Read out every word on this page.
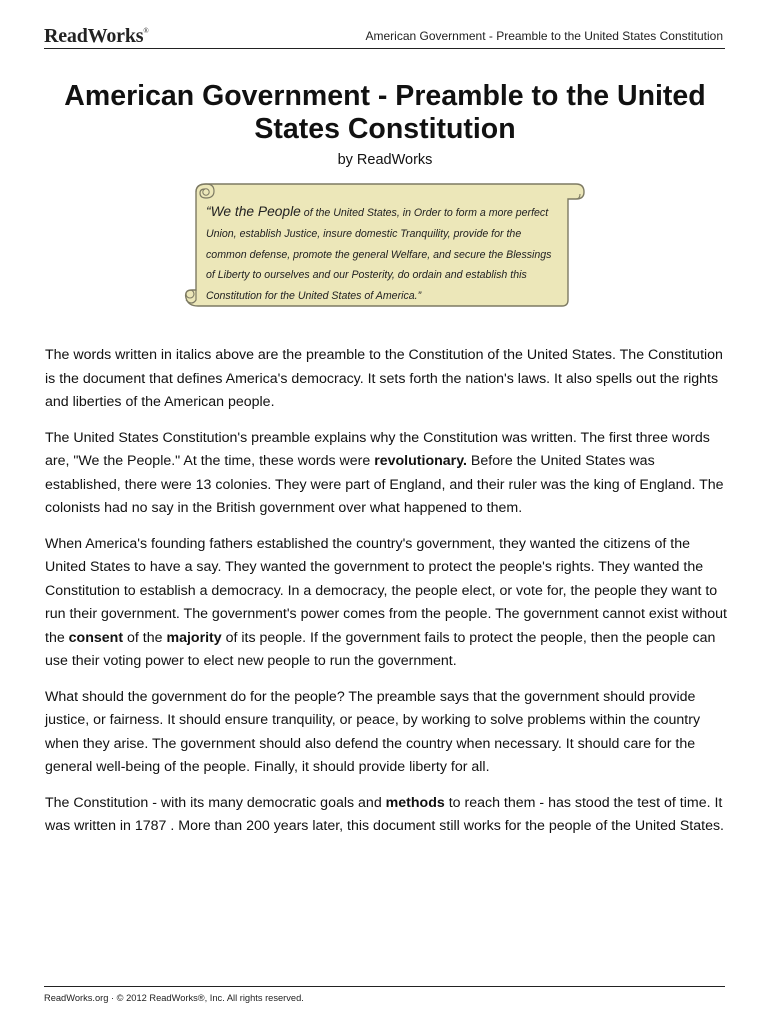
ReadWorks®	American Government - Preamble to the United States Constitution
American Government - Preamble to the United
States Constitution
by ReadWorks
“We the People of the United States, in Order to form a more perfect Union, establish Justice, insure domestic Tranquility, provide for the common defense, promote the general Welfare, and secure the Blessings of Liberty to ourselves and our Posterity, do ordain and establish this Constitution for the United States of America.”

The words written in italics above are the preamble to the Constitution of the United States. The Constitution is the document that defines America's democracy. It sets forth the nation's laws. It also spells out the rights and liberties of the American people.

The United States Constitution's preamble explains why the Constitution was written. The first three words are, "We the People." At the time, these words were revolutionary. Before the United States was established, there were 13 colonies. They were part of England, and their ruler was the king of England. The colonists had no say in the British government over what happened to them.

When America's founding fathers established the country's government, they wanted the citizens of the United States to have a say. They wanted the government to protect the people's rights. They wanted the Constitution to establish a democracy. In a democracy, the people elect, or vote for, the people they want to run their government. The government's power comes from the people. The government cannot exist without the consent of the majority of its people. If the government fails to protect the people, then the people can use their voting power to elect new people to run the government.

What should the government do for the people? The preamble says that the government should provide justice, or fairness. It should ensure tranquility, or peace, by working to solve problems within the country when they arise. The government should also defend the country when necessary. It should care for the general well-being of the people. Finally, it should provide liberty for all.

The Constitution - with its many democratic goals and methods to reach them - has stood the test of time. It was written in 1787 . More than 200 years later, this document still works for the people of the United States.

ReadWorks.org · © 2012 ReadWorks®, Inc. All rights reserved.
